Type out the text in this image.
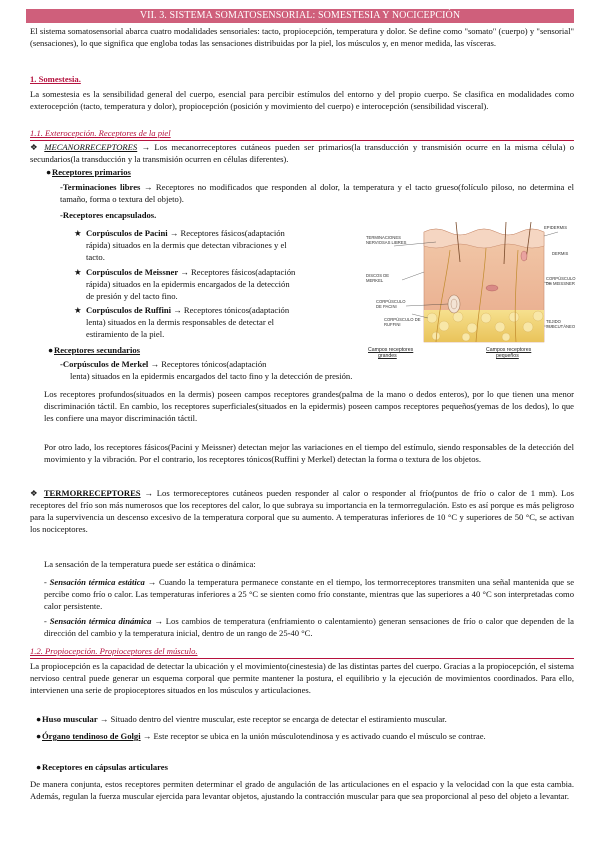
VII. 3. SISTEMA SOMATOSENSORIAL: SOMESTESIA Y NOCICEPCIÓN

El sistema somatosensorial abarca cuatro modalidades sensoriales: tacto, propiocepción, temperatura y dolor. Se define como "somato" (cuerpo) y "sensorial" (sensaciones), lo que significa que engloba todas las sensaciones distribuidas por la piel, los músculos y, en menor medida, las vísceras.

1. Somestesia.

La somestesia es la sensibilidad general del cuerpo, esencial para percibir estímulos del entorno y del propio cuerpo. Se clasifica en modalidades como exterocepción (tacto, temperatura y dolor), propiocepción (posición y movimiento del cuerpo) e interocepción (sensibilidad visceral).

1.1. Exterocepción. Receptores de la piel

❖ MECANORRECEPTORES → Los mecanorreceptores cutáneos pueden ser primarios(la transducción y transmisión ocurre en la misma célula) o secundarios(la transducción y la transmisión ocurren en células diferentes).

●Receptores primarios

-Terminaciones libres → Receptores no modificados que responden al dolor, la temperatura y el tacto grueso(folículo piloso, no determina el tamaño, forma o textura del objeto).

-Receptores encapsulados.
★ Corpúsculos de Pacini → Receptores fásicos(adaptación
rápida) situados en la dermis que detectan vibraciones y el
tacto.
★ Corpúsculos de Meissner → Receptores fásicos(adaptación
rápida) situados en la epidermis encargados de la detección
de presión y del tacto fino.
★ Corpúsculos de Ruffini → Receptores tónicos(adaptación
lenta) situados en la dermis responsables de detectar el
estiramiento de la piel.
●Receptores secundarios
-Corpúsculos de Merkel → Receptores tónicos(adaptación
lenta) situados en la epidermis encargados del tacto fino y la detección de presión.
TERMINACIONES NERVIOSAS LIBRES
DISCOS DE MERKEL
CORPÚSCULO DE PACINI
CORPÚSCULO DE RUFFINI
EPIDERMIS
DERMIS
CORPÚSCULO DE MEISSNER
TEJIDO SUBCUTÁNEO
Campos receptores
grandes
Campos receptores
pequeños

Los receptores profundos(situados en la dermis) poseen campos receptores grandes(palma de la mano o dedos enteros), por lo que tienen una menor discriminación táctil. En cambio, los receptores superficiales(situados en la epidermis) poseen campos receptores pequeños(yemas de los dedos), lo que les confiere una mayor discriminación táctil.

Por otro lado, los receptores fásicos(Pacini y Meissner) detectan mejor las variaciones en el tiempo del estímulo, siendo responsables de la detección del movimiento y la vibración. Por el contrario, los receptores tónicos(Ruffini y Merkel) detectan la forma o textura de los objetos.

❖ TERMORRECEPTORES → Los termoreceptores cutáneos pueden responder al calor o responder al frío(puntos de frío o calor de 1 mm). Los receptores del frío son más numerosos que los receptores del calor, lo que subraya su importancia en la termorregulación. Esto es así porque es más peligroso para la supervivencia un descenso excesivo de la temperatura corporal que su aumento. A temperaturas inferiores de 10 °C y superiores de 50 °C, se activan los nociceptores.

La sensación de la temperatura puede ser estática o dinámica:

- Sensación térmica estática → Cuando la temperatura permanece constante en el tiempo, los termorreceptores transmiten una señal mantenida que se percibe como frío o calor. Las temperaturas inferiores a 25 °C se sienten como frío constante, mientras que las superiores a 40 °C son interpretadas como calor persistente.

- Sensación térmica dinámica → Los cambios de temperatura (enfriamiento o calentamiento) generan sensaciones de frío o calor que dependen de la dirección del cambio y la temperatura inicial, dentro de un rango de 25-40 °C.

1.2. Propiocepción. Propioceptores del músculo.

La propiocepción es la capacidad de detectar la ubicación y el movimiento(cinestesia) de las distintas partes del cuerpo. Gracias a la propiocepción, el sistema nervioso central puede generar un esquema corporal que permite mantener la postura, el equilibrio y la ejecución de movimientos coordinados. Para ello, intervienen una serie de propioceptores situados en los músculos y articulaciones.

●Huso muscular → Situado dentro del vientre muscular, este receptor se encarga de detectar el estiramiento muscular.

●Órgano tendinoso de Golgi → Este receptor se ubica en la unión músculotendinosa y es activado cuando el músculo se contrae.

●Receptores en cápsulas articulares

De manera conjunta, estos receptores permiten determinar el grado de angulación de las articulaciones en el espacio y la velocidad con la que esta cambia. Además, regulan la fuerza muscular ejercida para levantar objetos, ajustando la contracción muscular para que sea proporcional al peso del objeto a levantar.
